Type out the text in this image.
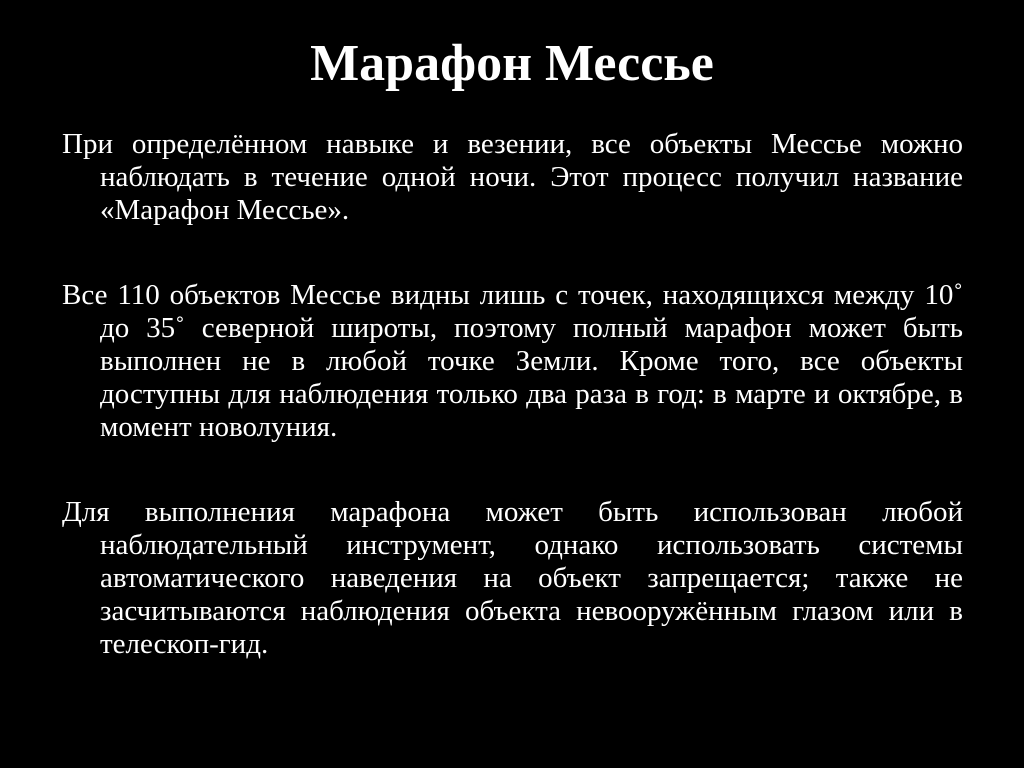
Марафон Мессье

При определённом навыке и везении, все объекты Мессье можно наблюдать в течение одной ночи. Этот процесс получил название «Марафон Мессье».

Все 110 объектов Мессье видны лишь с точек, находящихся между 10˚ до 35˚ северной широты, поэтому полный марафон может быть выполнен не в любой точке Земли. Кроме того, все объекты доступны для наблюдения только два раза в год: в марте и октябре, в момент новолуния.

Для выполнения марафона может быть использован любой наблюдательный инструмент, однако использовать системы автоматического наведения на объект запрещается; также не засчитываются наблюдения объекта невооружённым глазом или в телескоп-гид.
